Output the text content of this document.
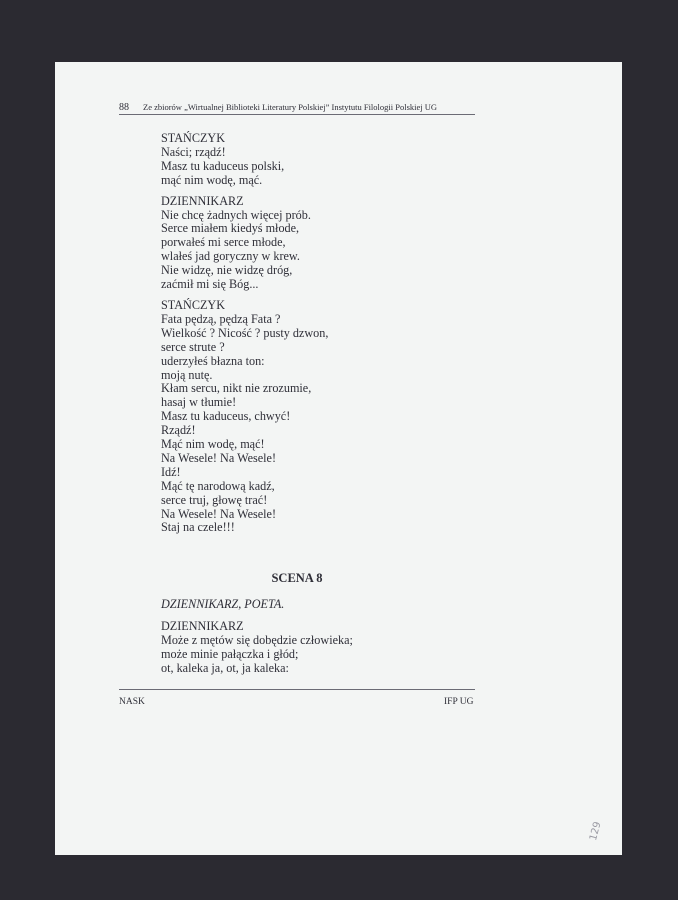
88 Ze zbiorów „Wirtualnej Biblioteki Literatury Polskiej” Instytutu Filologii Polskiej UG
STAŃCZYK
Naści; rządź!
Masz tu kaduceus polski,
mąć nim wodę, mąć.
DZIENNIKARZ
Nie chcę żadnych więcej prób.
Serce miałem kiedyś młode,
porwałeś mi serce młode,
wlałeś jad goryczny w krew.
Nie widzę, nie widzę dróg,
zaćmił mi się Bóg...
STAŃCZYK
Fata pędzą, pędzą Fata ?
Wielkość ? Nicość ? pusty dzwon,
serce strute ?
uderzyłeś błazna ton:
moją nutę.
Kłam sercu, nikt nie zrozumie,
hasaj w tłumie!
Masz tu kaduceus, chwyć!
Rządź!
Mąć nim wodę, mąć!
Na Wesele! Na Wesele!
Idź!
Mąć tę narodową kadź,
serce truj, głowę trać!
Na Wesele! Na Wesele!
Staj na czele!!!
SCENA 8
DZIENNIKARZ, POETA.
DZIENNIKARZ
Może z mętów się dobędzie człowieka;
może minie pałączka i głód;
ot, kaleka ja, ot, ja kaleka:
NASK	IFP UG
129
